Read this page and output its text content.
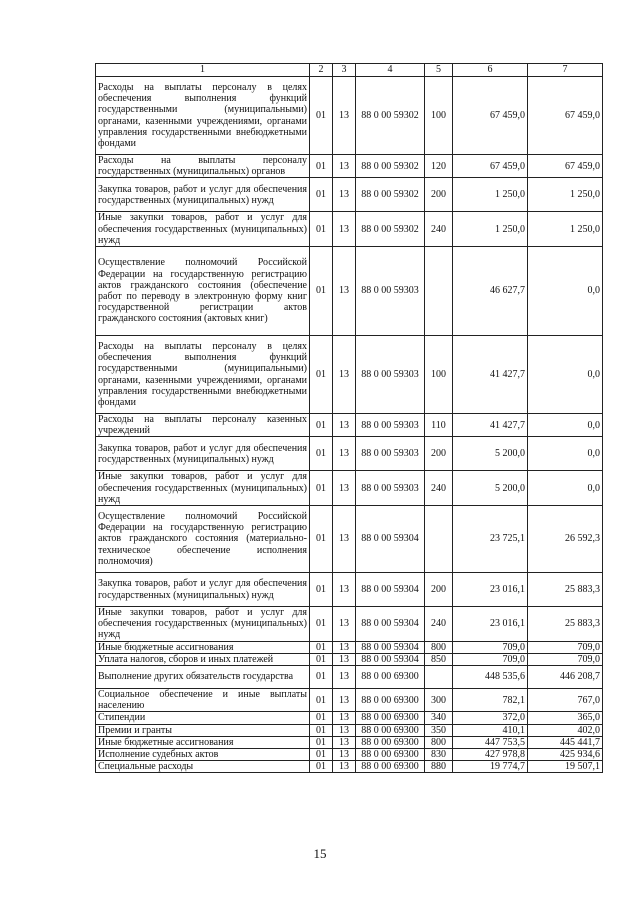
1	2	3	4	5	6	7
Расходы на выплаты персоналу в целях обеспечения выполнения функций государственными (муниципальными) органами, казенными учреждениями, органами управления государственными внебюджетными фондами	01	13	88 0 00 59302	100	67 459,0	67 459,0
Расходы на выплаты персоналу государственных (муниципальных) органов	01	13	88 0 00 59302	120	67 459,0	67 459,0
Закупка товаров, работ и услуг для обеспечения государственных (муниципальных) нужд	01	13	88 0 00 59302	200	1 250,0	1 250,0
Иные закупки товаров, работ и услуг для обеспечения государственных (муниципальных) нужд	01	13	88 0 00 59302	240	1 250,0	1 250,0
Осуществление полномочий Российской Федерации на государственную регистрацию актов гражданского состояния (обеспечение работ по переводу в электронную форму книг государственной регистрации актов гражданского состояния (актовых книг)	01	13	88 0 00 59303		46 627,7	0,0
Расходы на выплаты персоналу в целях обеспечения выполнения функций государственными (муниципальными) органами, казенными учреждениями, органами управления государственными внебюджетными фондами	01	13	88 0 00 59303	100	41 427,7	0,0
Расходы на выплаты персоналу казенных учреждений	01	13	88 0 00 59303	110	41 427,7	0,0
Закупка товаров, работ и услуг для обеспечения государственных (муниципальных) нужд	01	13	88 0 00 59303	200	5 200,0	0,0
Иные закупки товаров, работ и услуг для обеспечения государственных (муниципальных) нужд	01	13	88 0 00 59303	240	5 200,0	0,0
Осуществление полномочий Российской Федерации на государственную регистрацию актов гражданского состояния (материально-техническое обеспечение исполнения полномочия)	01	13	88 0 00 59304		23 725,1	26 592,3
Закупка товаров, работ и услуг для обеспечения государственных (муниципальных) нужд	01	13	88 0 00 59304	200	23 016,1	25 883,3
Иные закупки товаров, работ и услуг для обеспечения государственных (муниципальных) нужд	01	13	88 0 00 59304	240	23 016,1	25 883,3
Иные бюджетные ассигнования	01	13	88 0 00 59304	800	709,0	709,0
Уплата налогов, сборов и иных платежей	01	13	88 0 00 59304	850	709,0	709,0
Выполнение других обязательств государства	01	13	88 0 00 69300		448 535,6	446 208,7
Социальное обеспечение и иные выплаты населению	01	13	88 0 00 69300	300	782,1	767,0
Стипендии	01	13	88 0 00 69300	340	372,0	365,0
Премии и гранты	01	13	88 0 00 69300	350	410,1	402,0
Иные бюджетные ассигнования	01	13	88 0 00 69300	800	447 753,5	445 441,7
Исполнение судебных актов	01	13	88 0 00 69300	830	427 978,8	425 934,6
Специальные расходы	01	13	88 0 00 69300	880	19 774,7	19 507,1
15
